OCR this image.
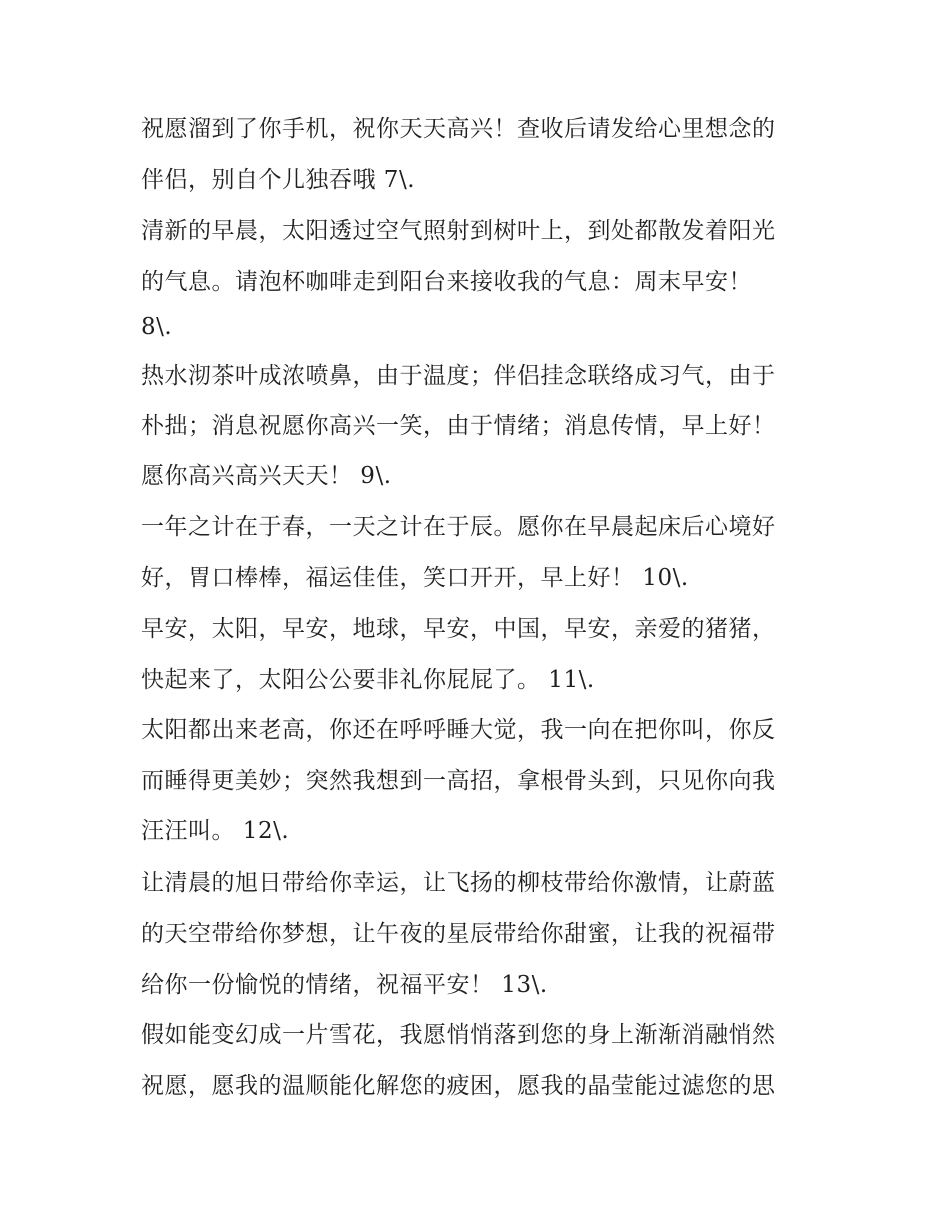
祝愿溜到了你手机，祝你天天高兴！查收后请发给心里想念的
伴侣，别自个儿独吞哦 7\.
清新的早晨，太阳透过空气照射到树叶上，到处都散发着阳光
的气息。请泡杯咖啡走到阳台来接收我的气息：周末早安！
8\.
热水沏茶叶成浓喷鼻，由于温度；伴侣挂念联络成习气，由于
朴拙；消息祝愿你高兴一笑，由于情绪；消息传情，早上好！
愿你高兴高兴天天！ 9\.
一年之计在于春，一天之计在于辰。愿你在早晨起床后心境好
好，胃口棒棒，福运佳佳，笑口开开，早上好！ 10\.
早安，太阳，早安，地球，早安，中国，早安，亲爱的猪猪，
快起来了，太阳公公要非礼你屁屁了。 11\.
太阳都出来老高，你还在呼呼睡大觉，我一向在把你叫，你反
而睡得更美妙；突然我想到一高招，拿根骨头到，只见你向我
汪汪叫。 12\.
让清晨的旭日带给你幸运，让飞扬的柳枝带给你激情，让蔚蓝
的天空带给你梦想，让午夜的星辰带给你甜蜜，让我的祝福带
给你一份愉悦的情绪，祝福平安！ 13\.
假如能变幻成一片雪花，我愿悄悄落到您的身上渐渐消融悄然
祝愿，愿我的温顺能化解您的疲困，愿我的晶莹能过滤您的思
